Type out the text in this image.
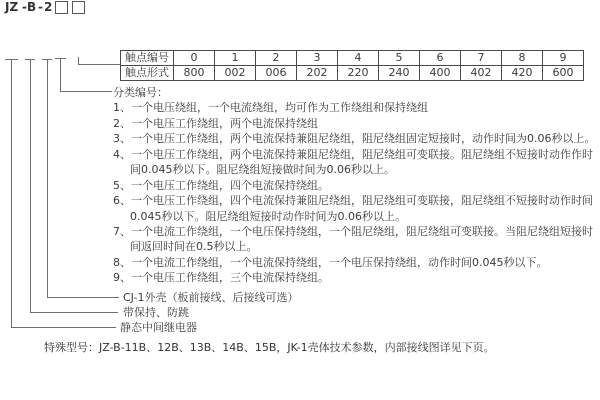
JZ - B - 2
触点编号	0	1	2	3	4	5	6	7	8	9
触点形式	800	002	006	202	220	240	400	402	420	600
分类编号：
1、一个电压绕组，一个电流绕组，均可作为工作绕组和保持绕组
2、一个电压工作绕组，两个电流保持绕组
3、一个电压工作绕组，两个电流保持兼阻尼绕组，阻尼绕组固定短接时，动作时间为0.06秒以上。
4、一个电压工作绕组，两个电流保持兼阻尼绕组，阻尼绕组可变联接。阻尼绕组不短接时动作作时
间0.045秒以下。阻尼绕组短接做时间为0.06秒以上。
5、一个电压工作绕组，四个电流保持绕组。
6、一个电压工作绕组，四个电流保持兼阻尼绕组，阻尼绕组可变联接，阻尼绕组不短接时动作时间
0.045秒以下。阻尼绕组短接时动作时间为0.06秒以上。
7、一个电流工作绕组，一个电压保持绕组，一个阻尼绕组，阻尼绕组可变联接。当阻尼绕组短接时
间返回时间在0.5秒以上。
8、一个电流工作绕组，一个电流保持绕组，一个电压保持绕组，动作时间0.045秒以下。
9、一个电压工作绕组，三个电流保持绕组。
CJ-1外壳（板前接线、后接线可选）
带保持、防跳
静态中间继电器
特殊型号：JZ-B-11B、12B、13B、14B、15B，JK-1壳体技术参数，内部接线图详见下页。
